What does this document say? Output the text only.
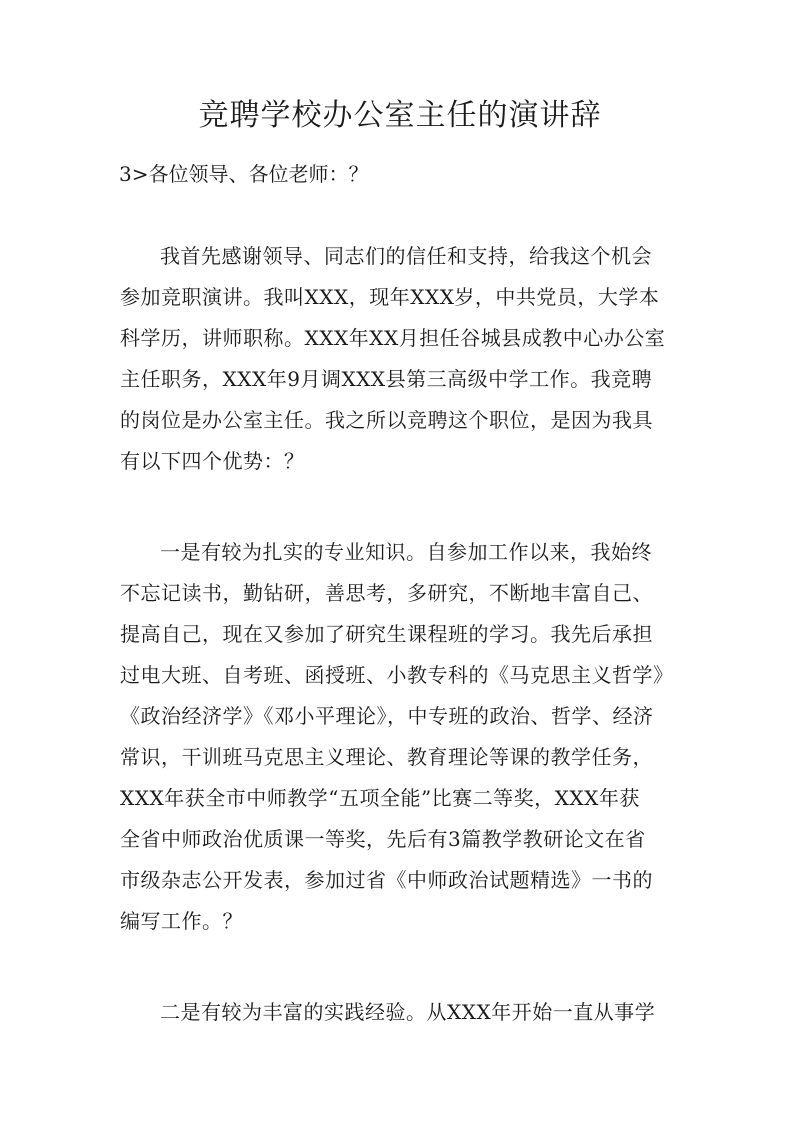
竞聘学校办公室主任的演讲辞

3>各位领导、各位老师：？

我首先感谢领导、同志们的信任和支持，给我这个机会
参加竞职演讲。我叫XXX，现年XXX岁，中共党员，大学本
科学历，讲师职称。XXX年XX月担任谷城县成教中心办公室
主任职务，XXX年9月调XXX县第三高级中学工作。我竞聘
的岗位是办公室主任。我之所以竞聘这个职位，是因为我具
有以下四个优势：？

一是有较为扎实的专业知识。自参加工作以来，我始终
不忘记读书，勤钻研，善思考，多研究，不断地丰富自己、
提高自己，现在又参加了研究生课程班的学习。我先后承担
过电大班、自考班、函授班、小教专科的《马克思主义哲学》
《政治经济学》《邓小平理论》，中专班的政治、哲学、经济
常识，干训班马克思主义理论、教育理论等课的教学任务，
XXX年获全市中师教学“五项全能”比赛二等奖，XXX年获
全省中师政治优质课一等奖，先后有3篇教学教研论文在省
市级杂志公开发表，参加过省《中师政治试题精选》一书的
编写工作。？

二是有较为丰富的实践经验。从XXX年开始一直从事学
